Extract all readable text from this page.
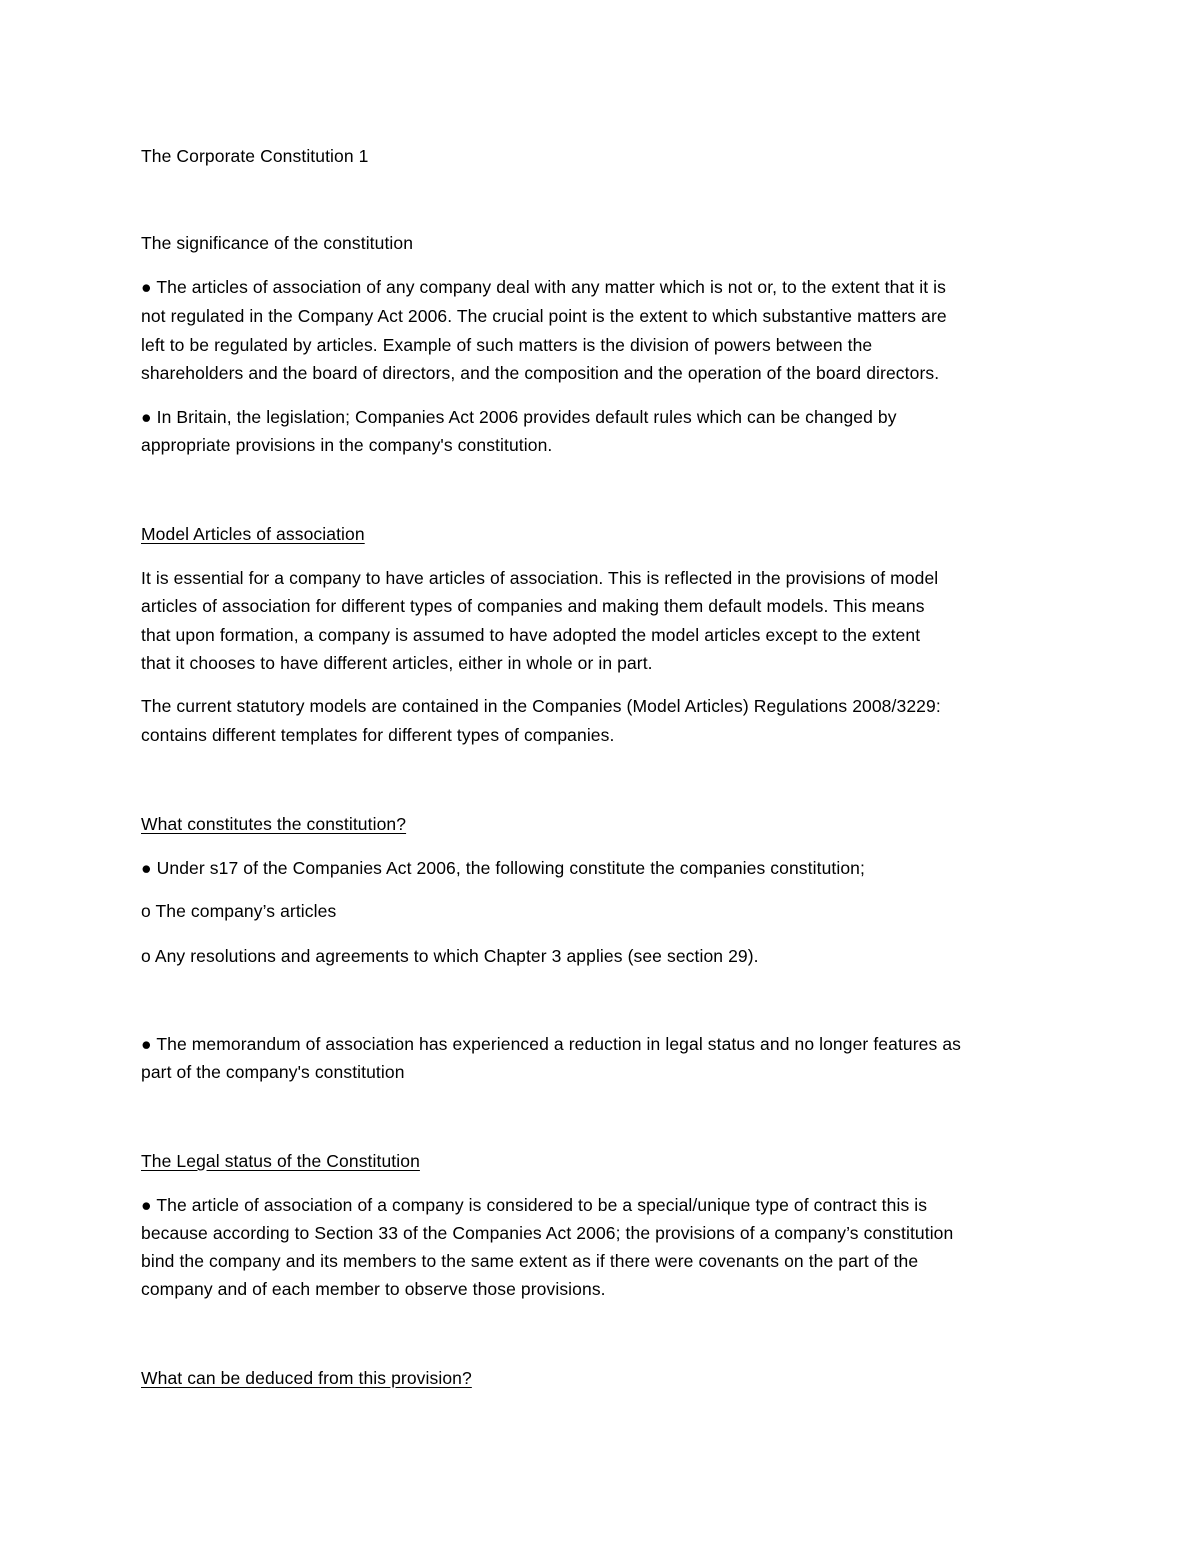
The Corporate Constitution 1

The significance of the constitution

● The articles of association of any company deal with any matter which is not or, to the extent that it is

not regulated in the Company Act 2006. The crucial point is the extent to which substantive matters are

left to be regulated by articles. Example of such matters is the division of powers between the

shareholders and the board of directors, and the composition and the operation of the board directors.

● In Britain, the legislation; Companies Act 2006 provides default rules which can be changed by

appropriate provisions in the company's constitution.

Model Articles of association

It is essential for a company to have articles of association. This is reflected in the provisions of model

articles of association for different types of companies and making them default models. This means

that upon formation, a company is assumed to have adopted the model articles except to the extent

that it chooses to have different articles, either in whole or in part.

The current statutory models are contained in the Companies (Model Articles) Regulations 2008/3229:

contains different templates for different types of companies.

What constitutes the constitution?

● Under s17 of the Companies Act 2006, the following constitute the companies constitution;

o The company’s articles

o Any resolutions and agreements to which Chapter 3 applies (see section 29).

● The memorandum of association has experienced a reduction in legal status and no longer features as

part of the company's constitution

The Legal status of the Constitution

● The article of association of a company is considered to be a special/unique type of contract this is

because according to Section 33 of the Companies Act 2006; the provisions of a company’s constitution

bind the company and its members to the same extent as if there were covenants on the part of the

company and of each member to observe those provisions.

What can be deduced from this provision?
